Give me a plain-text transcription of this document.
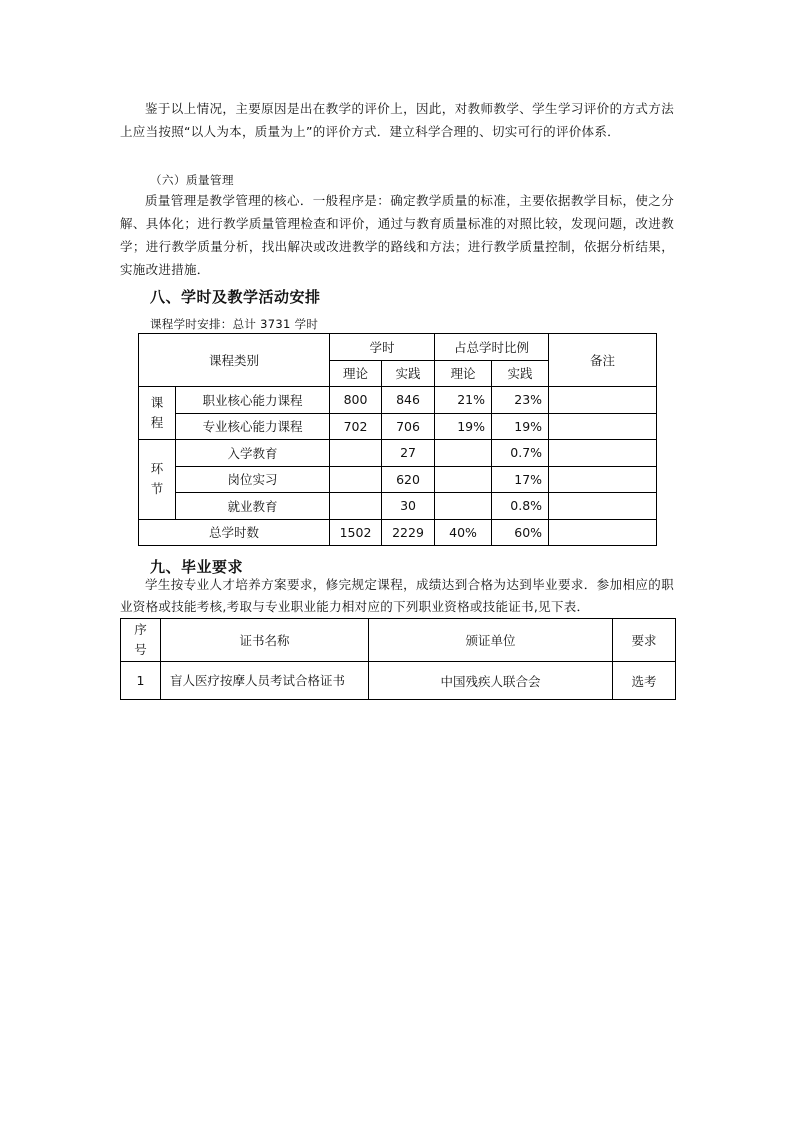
鉴于以上情况，主要原因是出在教学的评价上，因此，对教师教学、学生学习评价的方式方法上应当按照“以人为本，质量为上”的评价方式．建立科学合理的、切实可行的评价体系．

（六）质量管理

质量管理是教学管理的核心．一般程序是：确定教学质量的标准，主要依据教学目标，使之分解、具体化；进行教学质量管理检查和评价，通过与教育质量标准的对照比较，发现问题，改进教学；进行教学质量分析，找出解决或改进教学的路线和方法；进行教学质量控制，依据分析结果，实施改进措施．

八、学时及教学活动安排
课程学时安排：总计 3731 学时
课程类别		学时		占总学时比例		备注
		理论	实践	理论	实践	
课
程	职业核心能力课程	800	846	21%	23%	
	专业核心能力课程	702	706	19%	19%	
环
节	入学教育		27		0.7%	
	岗位实习		620		17%	
	就业教育		30		0.8%	
总学时数		1502	2229	40%	60%	
九、毕业要求

学生按专业人才培养方案要求，修完规定课程，成绩达到合格为达到毕业要求．参加相应的职业资格或技能考核,考取与专业职业能力相对应的下列职业资格或技能证书,见下表．

序号	证书名称	颁证单位	要求
1	盲人医疗按摩人员考试合格证书	中国残疾人联合会	选考
